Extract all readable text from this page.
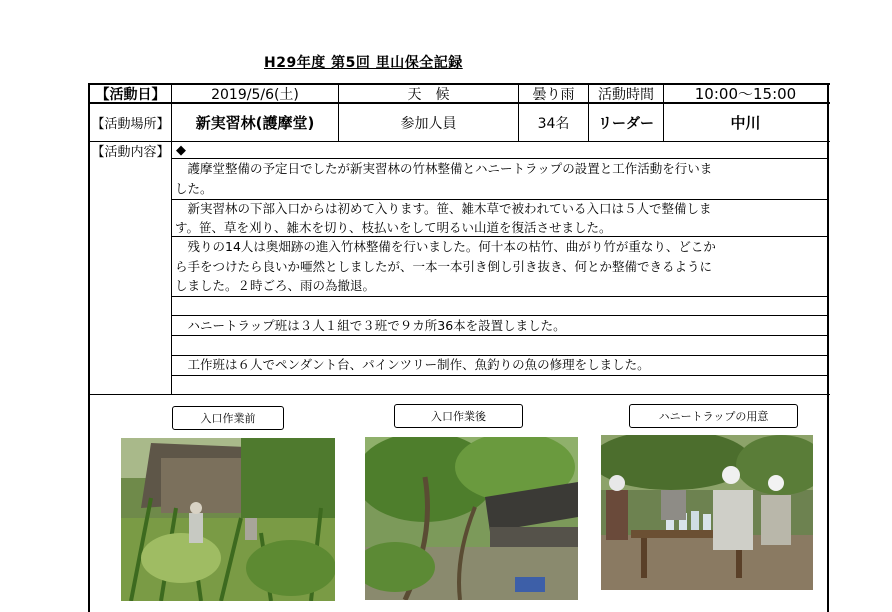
H29年度 第5回 里山保全記録
【活動日】	2019/5/6(土)	天　候	曇り雨	活動時間	10:00〜15:00
【活動場所】	新実習林(護摩堂)	参加人員	34名	リーダー	中川
【活動内容】 ◆
　護摩堂整備の予定日でしたが新実習林の竹林整備とハニートラップの設置と工作活動を行いま
した。
　新実習林の下部入口からは初めて入ります。笹、雑木草で被われている入口は５人で整備しま
す。笹、草を刈り、雑木を切り、枝払いをして明るい山道を復活させました。
　残りの14人は奥畑跡の進入竹林整備を行いました。何十本の枯竹、曲がり竹が重なり、どこか
ら手をつけたら良いか唖然としましたが、一本一本引き倒し引き抜き、何とか整備できるように
しました。２時ごろ、雨の為撤退。
　ハニートラップ班は３人１組で３班で９カ所36本を設置しました。
　工作班は６人でペンダント台、パインツリー制作、魚釣りの魚の修理をしました。
入口作業前	入口作業後	ハニートラップの用意
